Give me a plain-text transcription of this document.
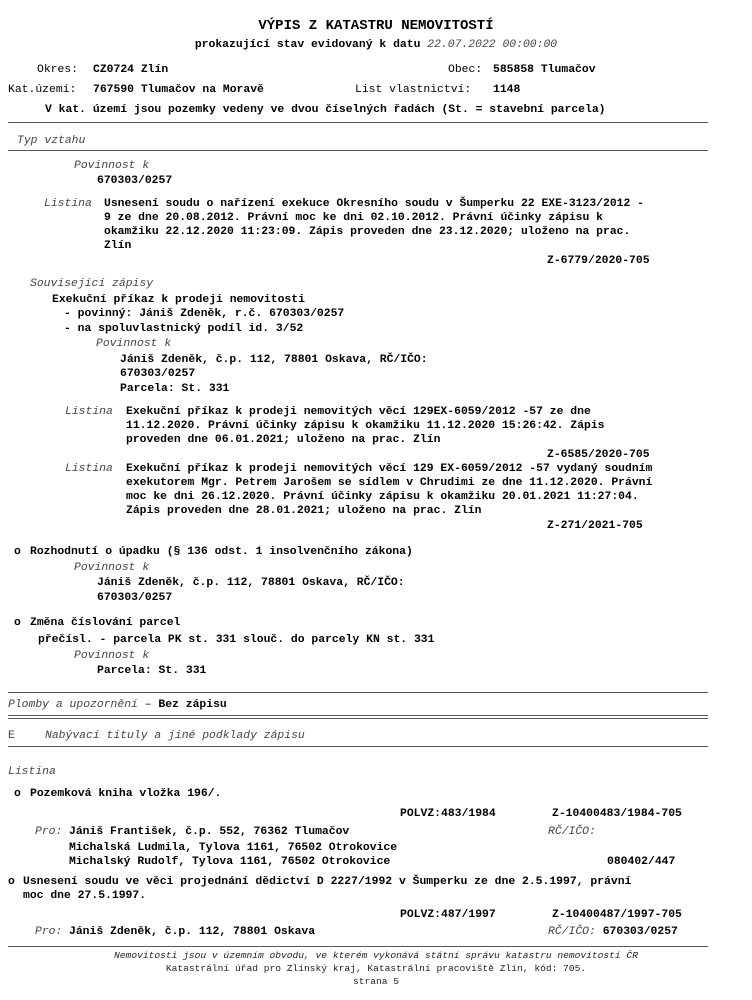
VÝPIS Z KATASTRU NEMOVITOSTÍ
prokazující stav evidovaný k datu 22.07.2022 00:00:00
Okres: CZ0724 Zlín	Obec: 585858 Tlumačov
Kat.území: 767590 Tlumačov na Moravě	List vlastnictví: 1148
V kat. území jsou pozemky vedeny ve dvou číselných řadách (St. = stavební parcela)
Typ vztahu
Povinnost k
670303/0257
Listina Usnesení soudu o nařízení exekuce Okresního soudu v Šumperku 22 EXE-3123/2012 -
9 ze dne 20.08.2012. Právní moc ke dni 02.10.2012. Právní účinky zápisu k
okamžiku 22.12.2020 11:23:09. Zápis proveden dne 23.12.2020; uloženo na prac.
Zlín
Z-6779/2020-705
Související zápisy
Exekuční příkaz k prodeji nemovitosti
- povinný: Jániš Zdeněk, r.č. 670303/0257
- na spoluvlastnický podíl id. 3/52
Povinnost k
Jániš Zdeněk, č.p. 112, 78801 Oskava, RČ/IČO:
670303/0257
Parcela: St. 331
Listina Exekuční příkaz k prodeji nemovitých věcí 129EX-6059/2012 -57 ze dne
11.12.2020. Právní účinky zápisu k okamžiku 11.12.2020 15:26:42. Zápis
proveden dne 06.01.2021; uloženo na prac. Zlín
Z-6585/2020-705
Listina Exekuční příkaz k prodeji nemovitých věcí 129 EX-6059/2012 -57 vydaný soudním
exekutorem Mgr. Petrem Jarošem se sídlem v Chrudimi ze dne 11.12.2020. Právní
moc ke dni 26.12.2020. Právní účinky zápisu k okamžiku 20.01.2021 11:27:04.
Zápis proveden dne 28.01.2021; uloženo na prac. Zlín
Z-271/2021-705
o Rozhodnutí o úpadku (§ 136 odst. 1 insolvenčního zákona)
Povinnost k
Jániš Zdeněk, č.p. 112, 78801 Oskava, RČ/IČO:
670303/0257
o Změna číslování parcel
přečísl. - parcela PK st. 331 slouč. do parcely KN st. 331
Povinnost k
Parcela: St. 331
Plomby a upozornění – Bez zápisu
E	Nabývací tituly a jiné podklady zápisu
Listina
o Pozemková kniha vložka 196/.
POLVZ:483/1984	Z-10400483/1984-705
Pro: Jániš František, č.p. 552, 76362 Tlumačov	RČ/IČO:
Michalská Ludmila, Tylova 1161, 76502 Otrokovice
Michalský Rudolf, Tylova 1161, 76502 Otrokovice	080402/447
o Usnesení soudu ve věci projednání dědictví D 2227/1992 v Šumperku ze dne 2.5.1997, právní
moc dne 27.5.1997.
POLVZ:487/1997	Z-10400487/1997-705
Pro: Jániš Zdeněk, č.p. 112, 78801 Oskava	RČ/IČO: 670303/0257
Nemovitosti jsou v územním obvodu, ve kterém vykonává státní správu katastru nemovitostí ČR
Katastrální úřad pro Zlínský kraj, Katastrální pracoviště Zlín, kód: 705.
strana 5
